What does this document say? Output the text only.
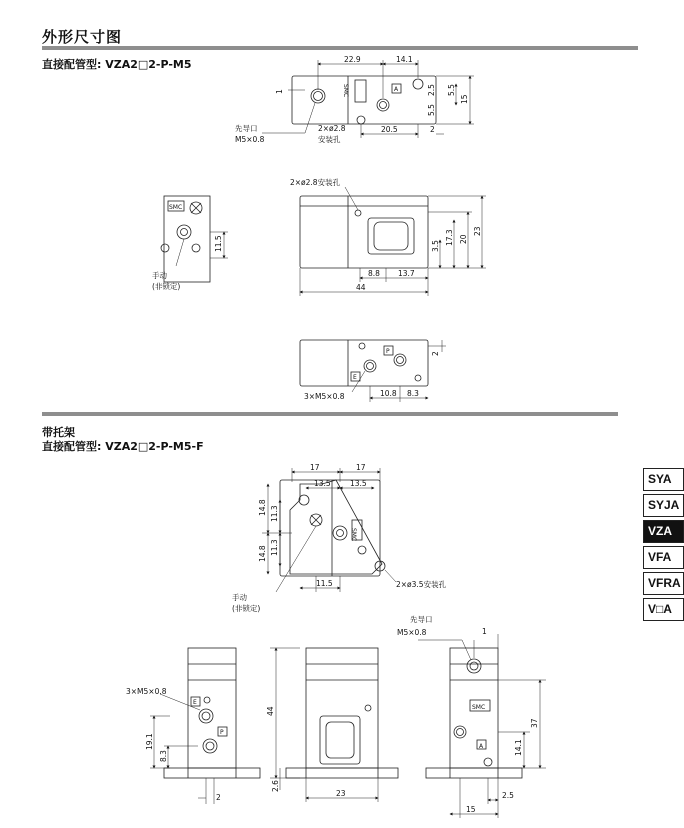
外形尺寸图
直接配管型: VZA2□2-P-M5
带托架
直接配管型: VZA2□2-P-M5-F
22.9	14.1
1	SMC	A	2.5
5.5
5.5
15
20.5	2
先导口
M5×0.8
2×ø2.8
安装孔
SMC
11.5
手动
(非锁定)
2×ø2.8安装孔
3.5
17.3 20
23
8.8 13.7
44
P
E
2
3×M5×0.8	10.8 8.3
17	17
13.5	13.5
14.8 11.3
11.3
14.8
SMC
11.5	2×ø3.5安装孔
手动
(非锁定)
3×M5×0.8
E
P
19.1
8.3
2
44
2.6
23
先导口
M5×0.8	1
SMC
A
37
14.1
2.5
15
SYA
SYJA
VZA
VFA
VFRA
V□A
